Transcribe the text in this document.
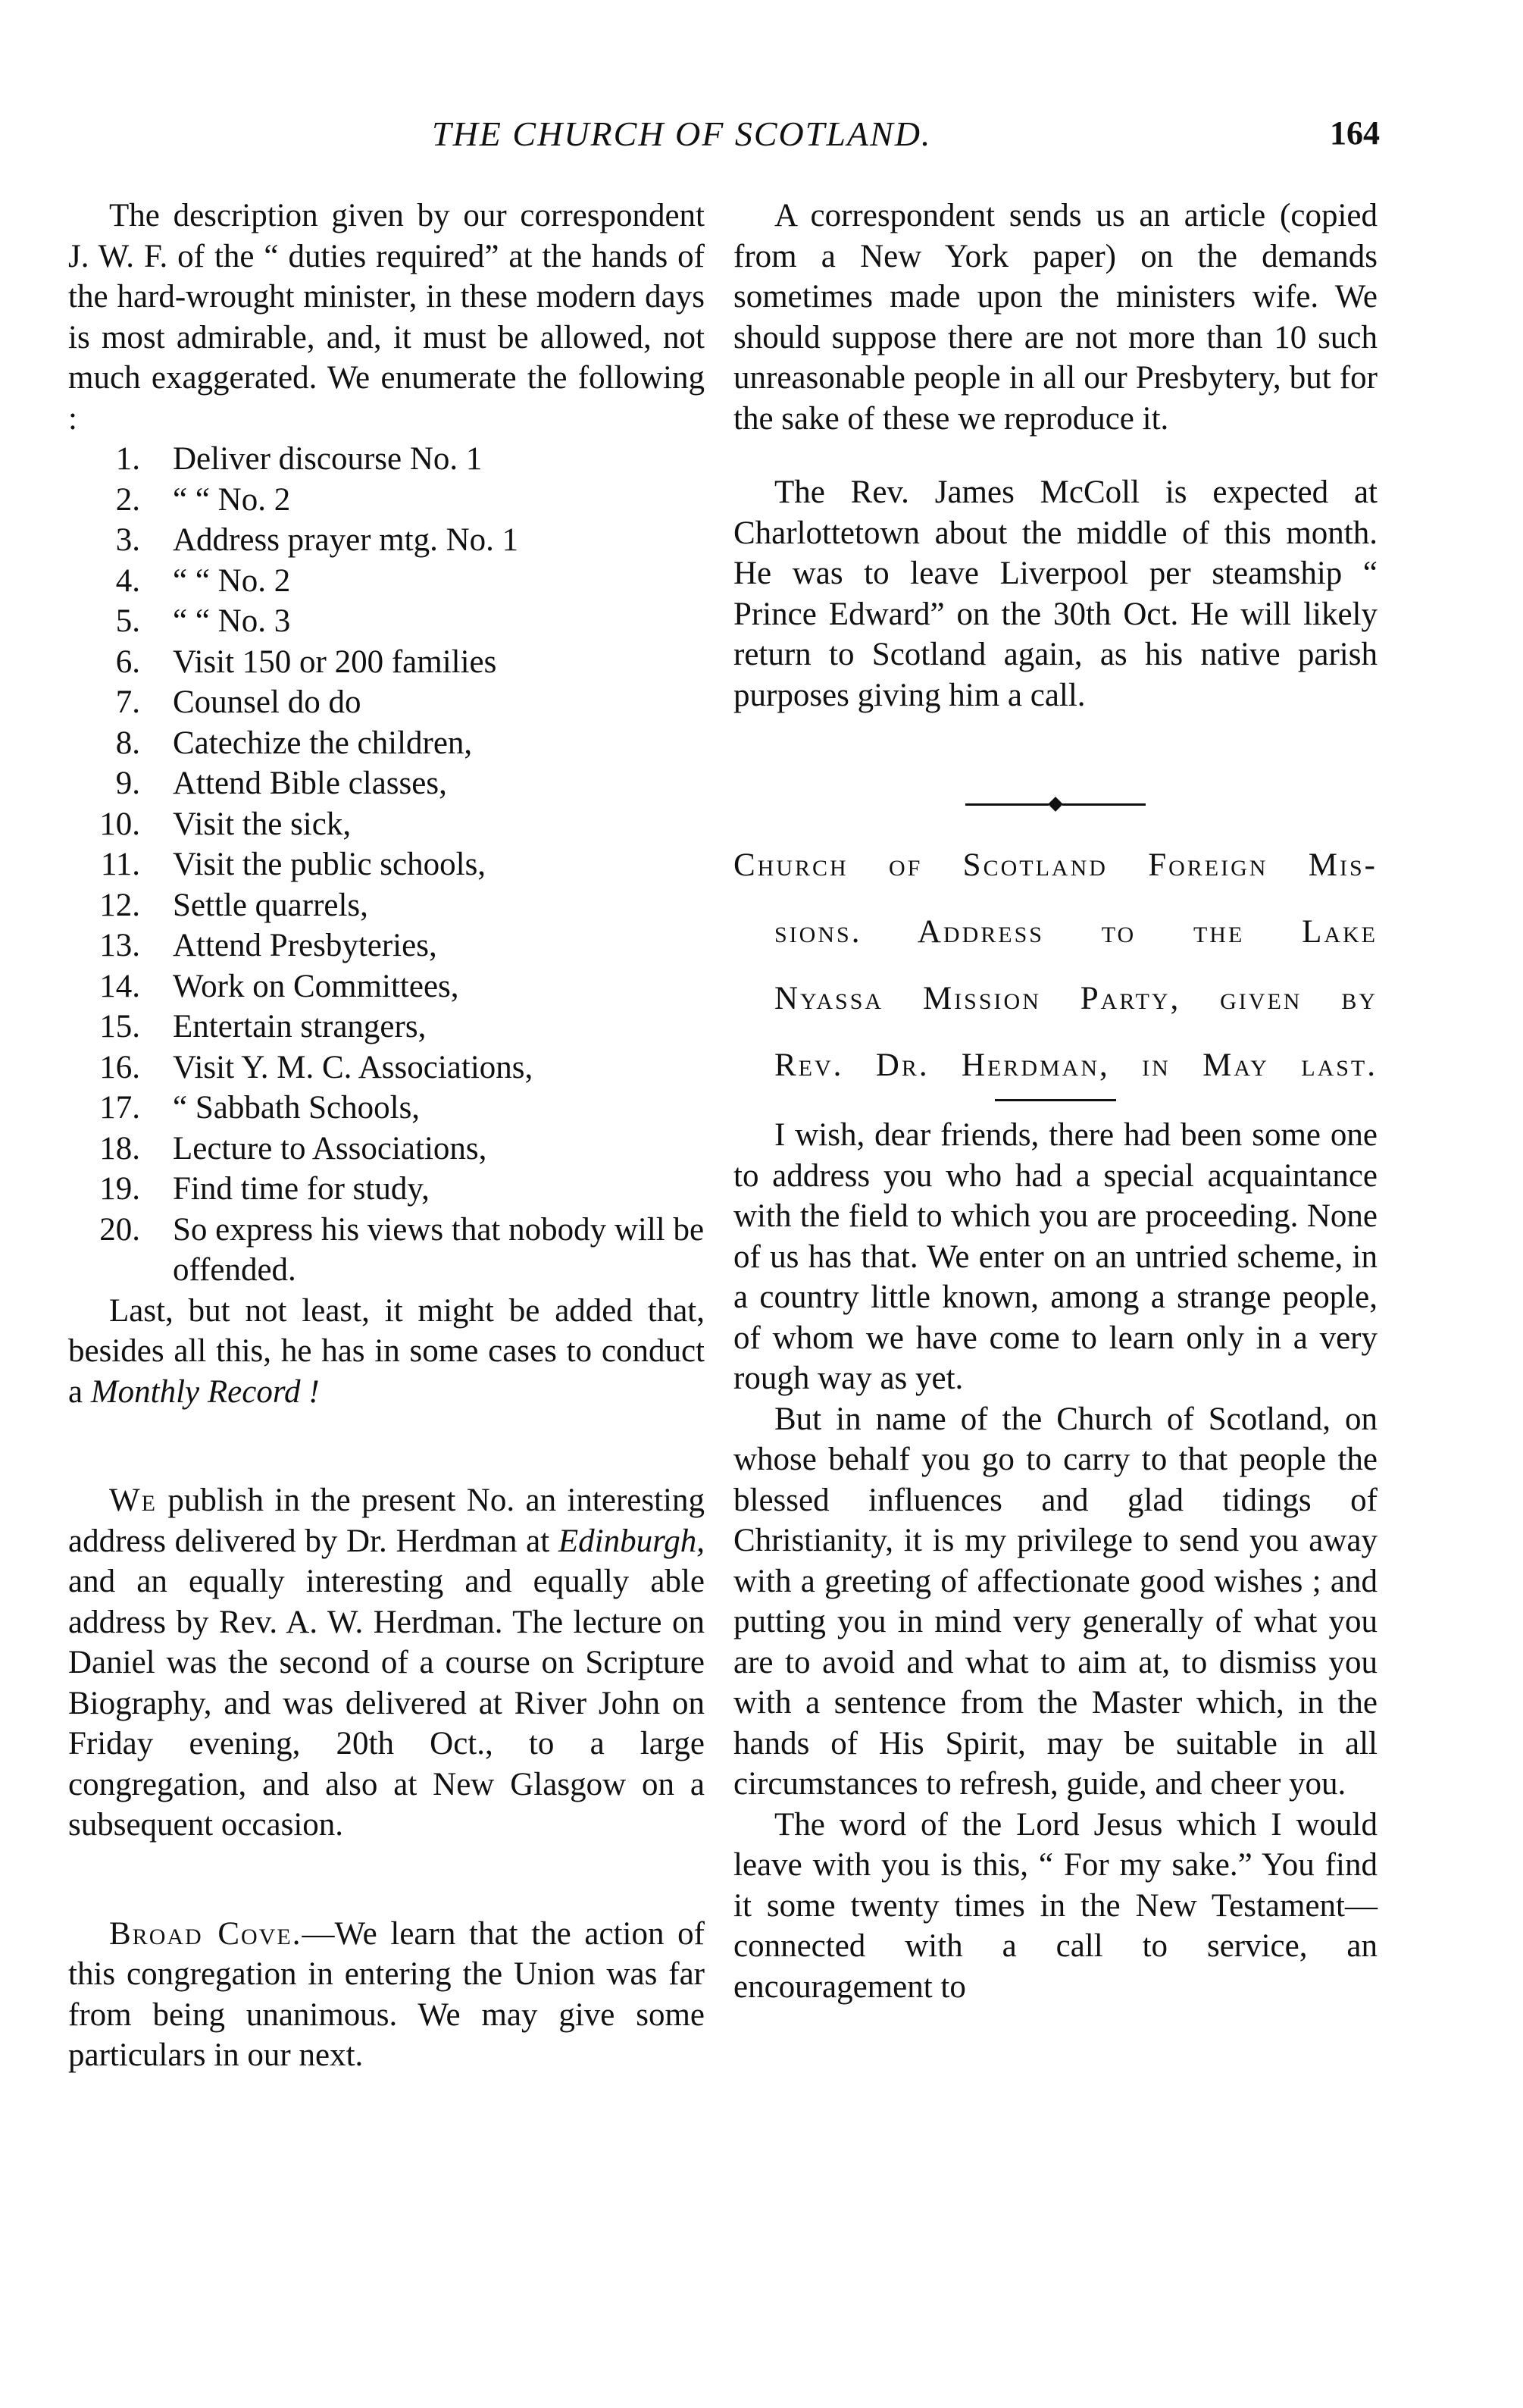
THE CHURCH OF SCOTLAND.	164

The description given by our correspondent J. W. F. of the “ duties required” at the hands of the hard-wrought minister, in these modern days is most admirable, and, it must be allowed, not much exaggerated. We enumerate the following :

1. Deliver discourse No. 1
2. “ “ No. 2
3. Address prayer mtg. No. 1
4. “ “ No. 2
5. “ “ No. 3
6. Visit 150 or 200 families
7. Counsel do do
8. Catechize the children,
9. Attend Bible classes,
10. Visit the sick,
11. Visit the public schools,
12. Settle quarrels,
13. Attend Presbyteries,
14. Work on Committees,
15. Entertain strangers,
16. Visit Y. M. C. Associations,
17. “ Sabbath Schools,
18. Lecture to Associations,
19. Find time for study,
20. So express his views that nobody will be offended.

Last, but not least, it might be added that, besides all this, he has in some cases to conduct a Monthly Record !

We publish in the present No. an interesting address delivered by Dr. Herdman at Edinburgh, and an equally interesting and equally able address by Rev. A. W. Herdman. The lecture on Daniel was the second of a course on Scripture Biography, and was delivered at River John on Friday evening, 20th Oct., to a large congregation, and also at New Glasgow on a subsequent occasion.

Broad Cove.—We learn that the action of this congregation in entering the Union was far from being unanimous. We may give some particulars in our next.

A correspondent sends us an article (copied from a New York paper) on the demands sometimes made upon the ministers wife. We should suppose there are not more than 10 such unreasonable people in all our Presbytery, but for the sake of these we reproduce it.

The Rev. James McColl is expected at Charlottetown about the middle of this month. He was to leave Liverpool per steamship “ Prince Edward” on the 30th Oct. He will likely return to Scotland again, as his native parish purposes giving him a call.

Church of Scotland Foreign Mis-

sions. Address to the Lake

Nyassa Mission Party, given by

Rev. Dr. Herdman, in May last.

I wish, dear friends, there had been some one to address you who had a special acquaintance with the field to which you are proceeding. None of us has that. We enter on an untried scheme, in a country little known, among a strange people, of whom we have come to learn only in a very rough way as yet.

But in name of the Church of Scotland, on whose behalf you go to carry to that people the blessed influences and glad tidings of Christianity, it is my privilege to send you away with a greeting of affectionate good wishes ; and putting you in mind very generally of what you are to avoid and what to aim at, to dismiss you with a sentence from the Master which, in the hands of His Spirit, may be suitable in all circumstances to refresh, guide, and cheer you.

The word of the Lord Jesus which I would leave with you is this, “ For my sake.” You find it some twenty times in the New Testament—connected with a call to service, an encouragement to
